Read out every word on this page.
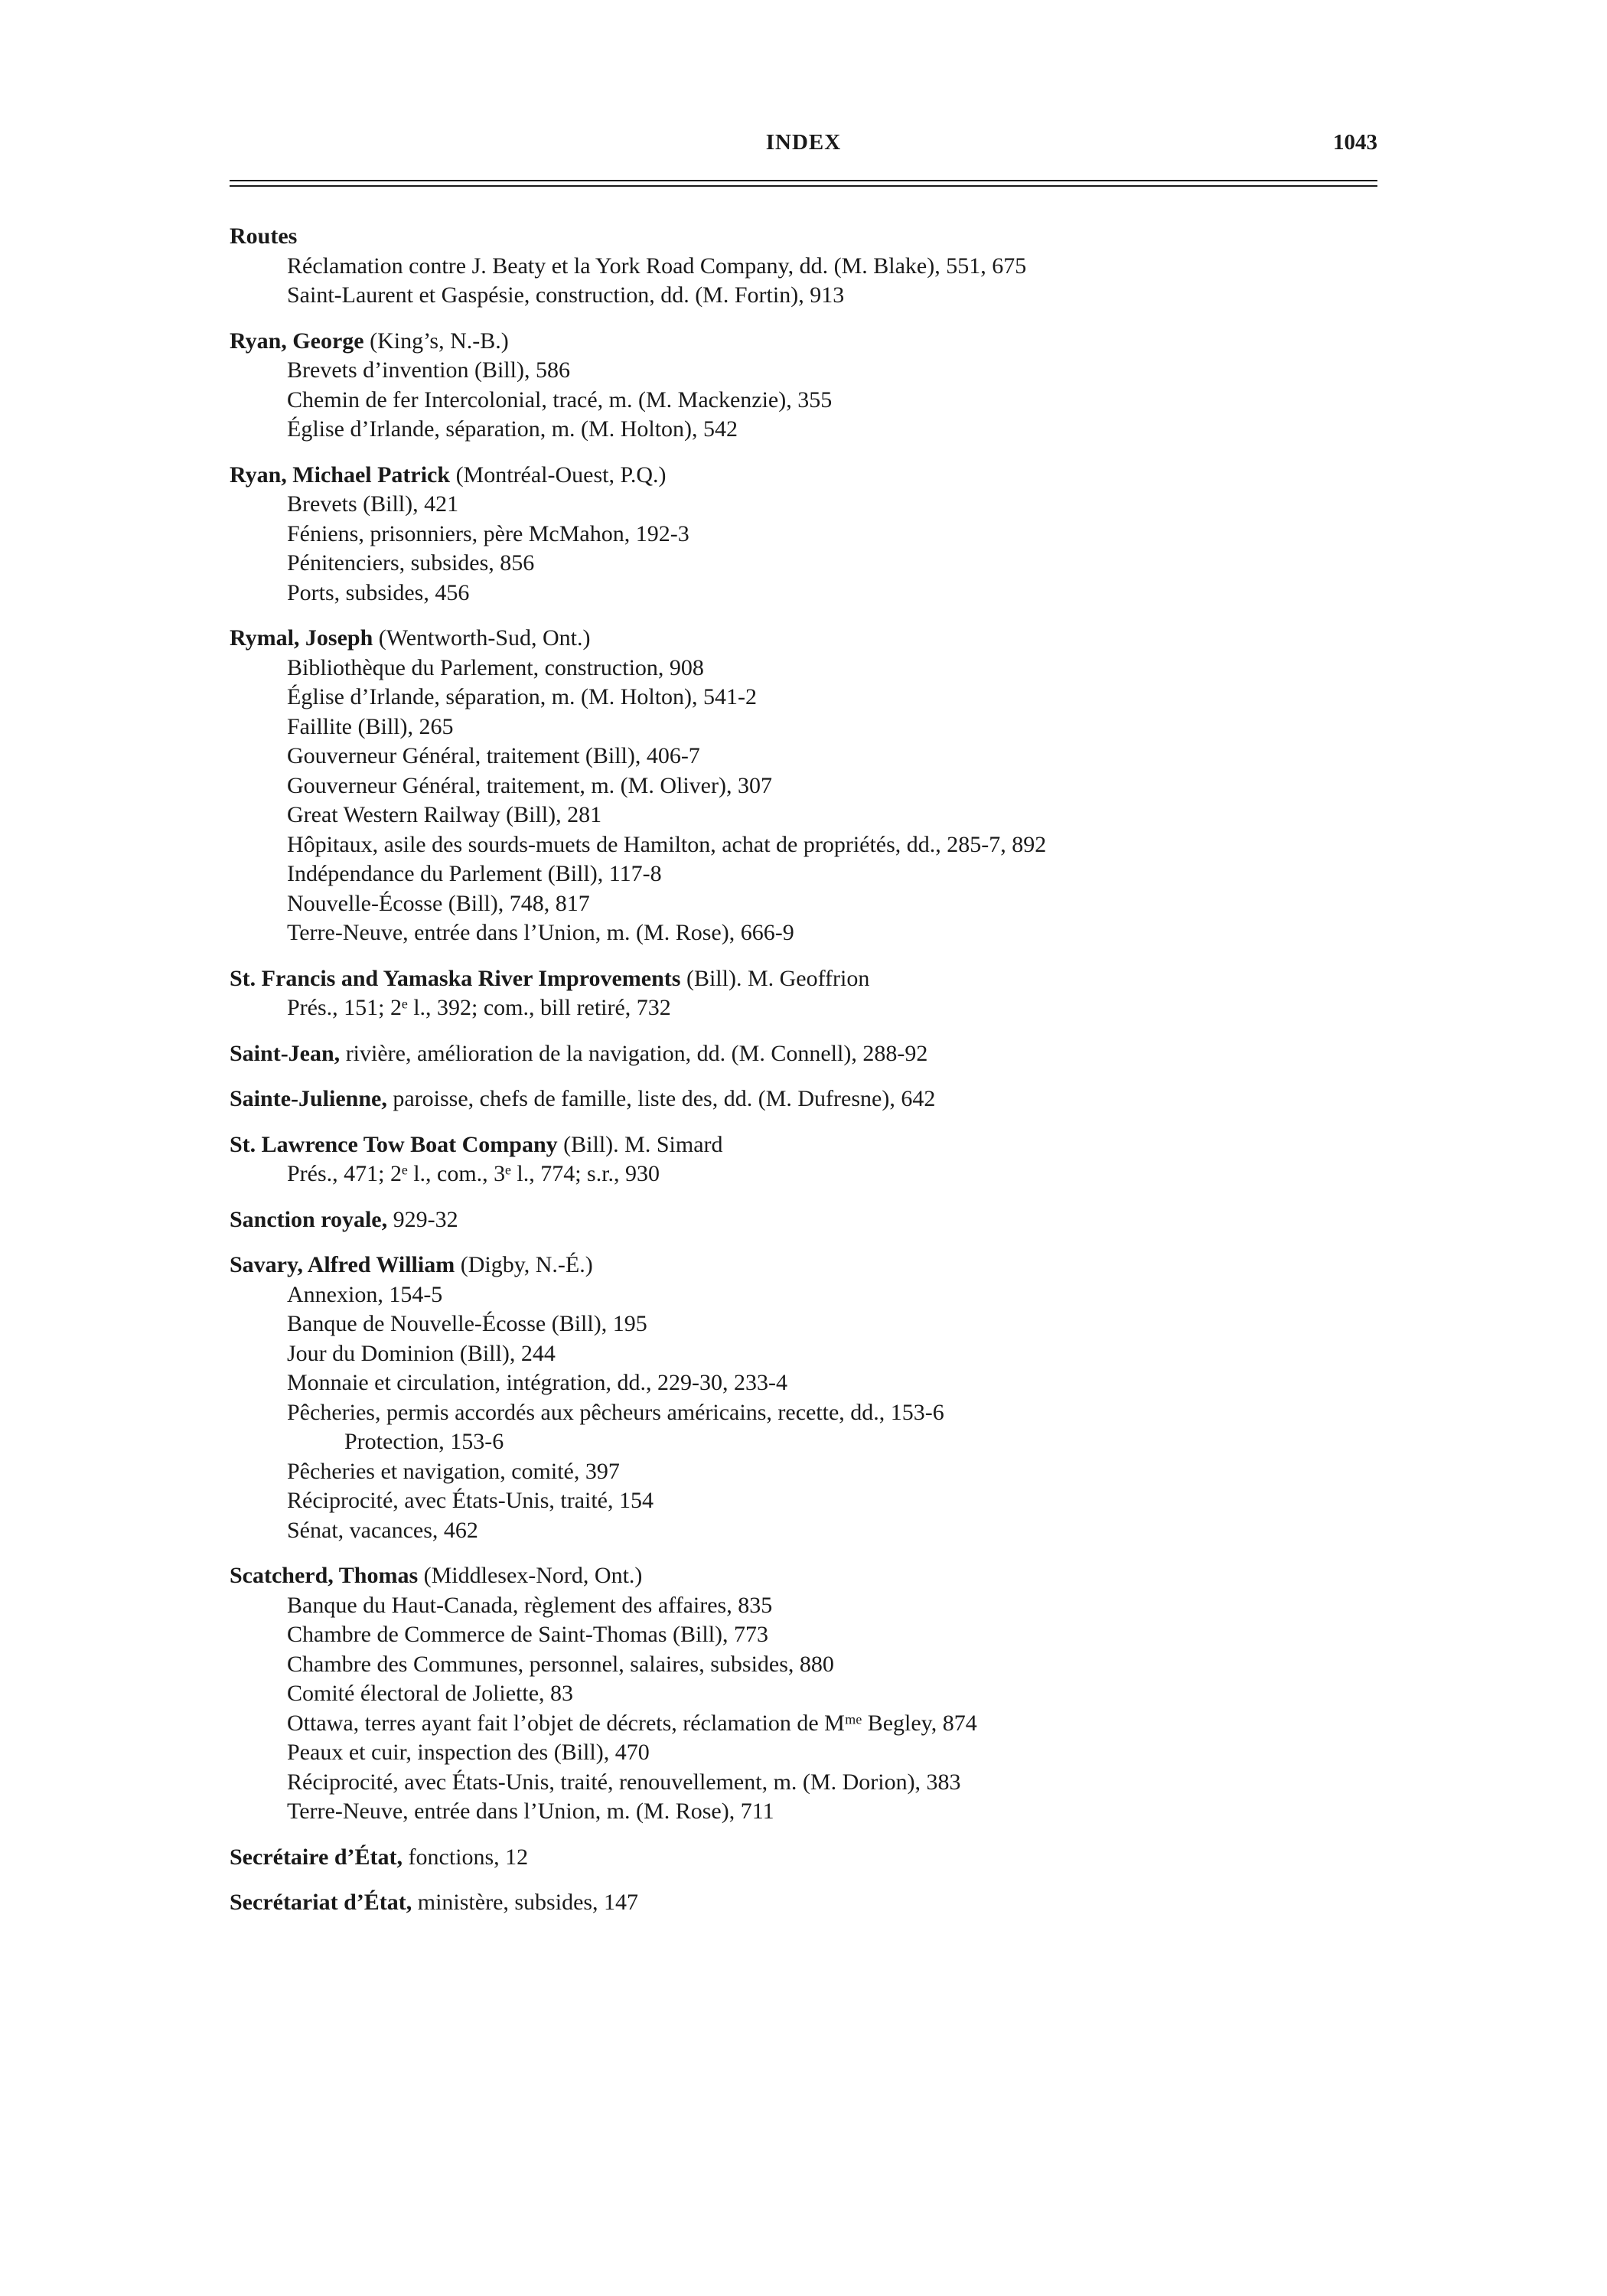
INDEX	1043
Routes
Réclamation contre J. Beaty et la York Road Company, dd. (M. Blake), 551, 675
Saint-Laurent et Gaspésie, construction, dd. (M. Fortin), 913
Ryan, George (King’s, N.-B.)
Brevets d’invention (Bill), 586
Chemin de fer Intercolonial, tracé, m. (M. Mackenzie), 355
Église d’Irlande, séparation, m. (M. Holton), 542
Ryan, Michael Patrick (Montréal-Ouest, P.Q.)
Brevets (Bill), 421
Féniens, prisonniers, père McMahon, 192-3
Pénitenciers, subsides, 856
Ports, subsides, 456
Rymal, Joseph (Wentworth-Sud, Ont.)
Bibliothèque du Parlement, construction, 908
Église d’Irlande, séparation, m. (M. Holton), 541-2
Faillite (Bill), 265
Gouverneur Général, traitement (Bill), 406-7
Gouverneur Général, traitement, m. (M. Oliver), 307
Great Western Railway (Bill), 281
Hôpitaux, asile des sourds-muets de Hamilton, achat de propriétés, dd., 285-7, 892
Indépendance du Parlement (Bill), 117-8
Nouvelle-Écosse (Bill), 748, 817
Terre-Neuve, entrée dans l’Union, m. (M. Rose), 666-9
St. Francis and Yamaska River Improvements (Bill). M. Geoffrion
Prés., 151; 2ᵉ l., 392; com., bill retiré, 732
Saint-Jean, rivière, amélioration de la navigation, dd. (M. Connell), 288-92
Sainte-Julienne, paroisse, chefs de famille, liste des, dd. (M. Dufresne), 642
St. Lawrence Tow Boat Company (Bill). M. Simard
Prés., 471; 2ᵉ l., com., 3ᵉ l., 774; s.r., 930
Sanction royale, 929-32
Savary, Alfred William (Digby, N.-É.)
Annexion, 154-5
Banque de Nouvelle-Écosse (Bill), 195
Jour du Dominion (Bill), 244
Monnaie et circulation, intégration, dd., 229-30, 233-4
Pêcheries, permis accordés aux pêcheurs américains, recette, dd., 153-6
Protection, 153-6
Pêcheries et navigation, comité, 397
Réciprocité, avec États-Unis, traité, 154
Sénat, vacances, 462
Scatcherd, Thomas (Middlesex-Nord, Ont.)
Banque du Haut-Canada, règlement des affaires, 835
Chambre de Commerce de Saint-Thomas (Bill), 773
Chambre des Communes, personnel, salaires, subsides, 880
Comité électoral de Joliette, 83
Ottawa, terres ayant fait l’objet de décrets, réclamation de Mᵐᵉ Begley, 874
Peaux et cuir, inspection des (Bill), 470
Réciprocité, avec États-Unis, traité, renouvellement, m. (M. Dorion), 383
Terre-Neuve, entrée dans l’Union, m. (M. Rose), 711
Secrétaire d’État, fonctions, 12
Secrétariat d’État, ministère, subsides, 147
